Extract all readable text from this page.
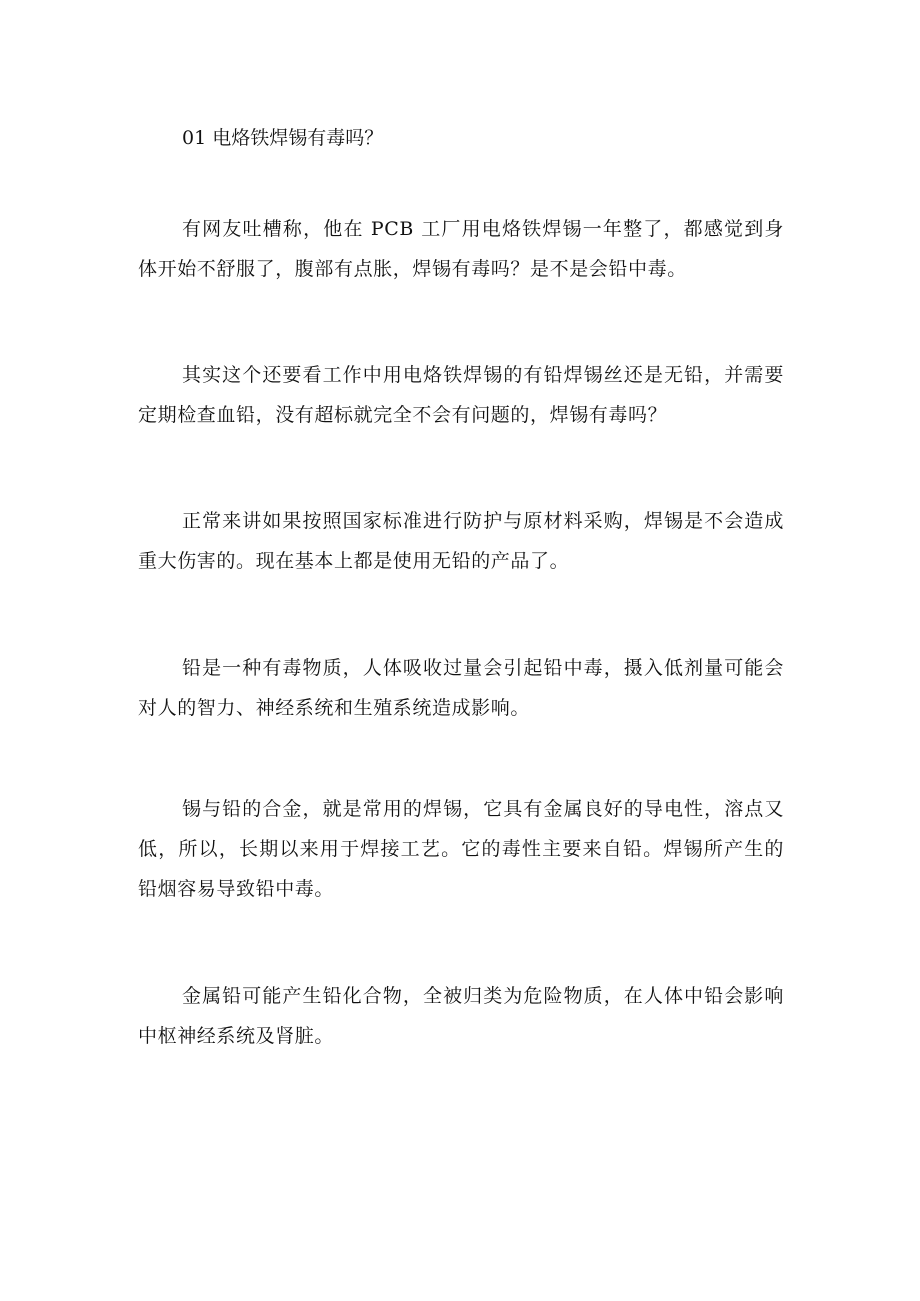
01 电烙铁焊锡有毒吗？

有网友吐槽称，他在 PCB 工厂用电烙铁焊锡一年整了，都感觉到身体开始不舒服了，腹部有点胀，焊锡有毒吗？是不是会铅中毒。

其实这个还要看工作中用电烙铁焊锡的有铅焊锡丝还是无铅，并需要定期检查血铅，没有超标就完全不会有问题的，焊锡有毒吗？

正常来讲如果按照国家标准进行防护与原材料采购，焊锡是不会造成重大伤害的。现在基本上都是使用无铅的产品了。

铅是一种有毒物质，人体吸收过量会引起铅中毒，摄入低剂量可能会对人的智力、神经系统和生殖系统造成影响。

锡与铅的合金，就是常用的焊锡，它具有金属良好的导电性，溶点又低，所以，长期以来用于焊接工艺。它的毒性主要来自铅。焊锡所产生的铅烟容易导致铅中毒。

金属铅可能产生铅化合物，全被归类为危险物质，在人体中铅会影响中枢神经系统及肾脏。
